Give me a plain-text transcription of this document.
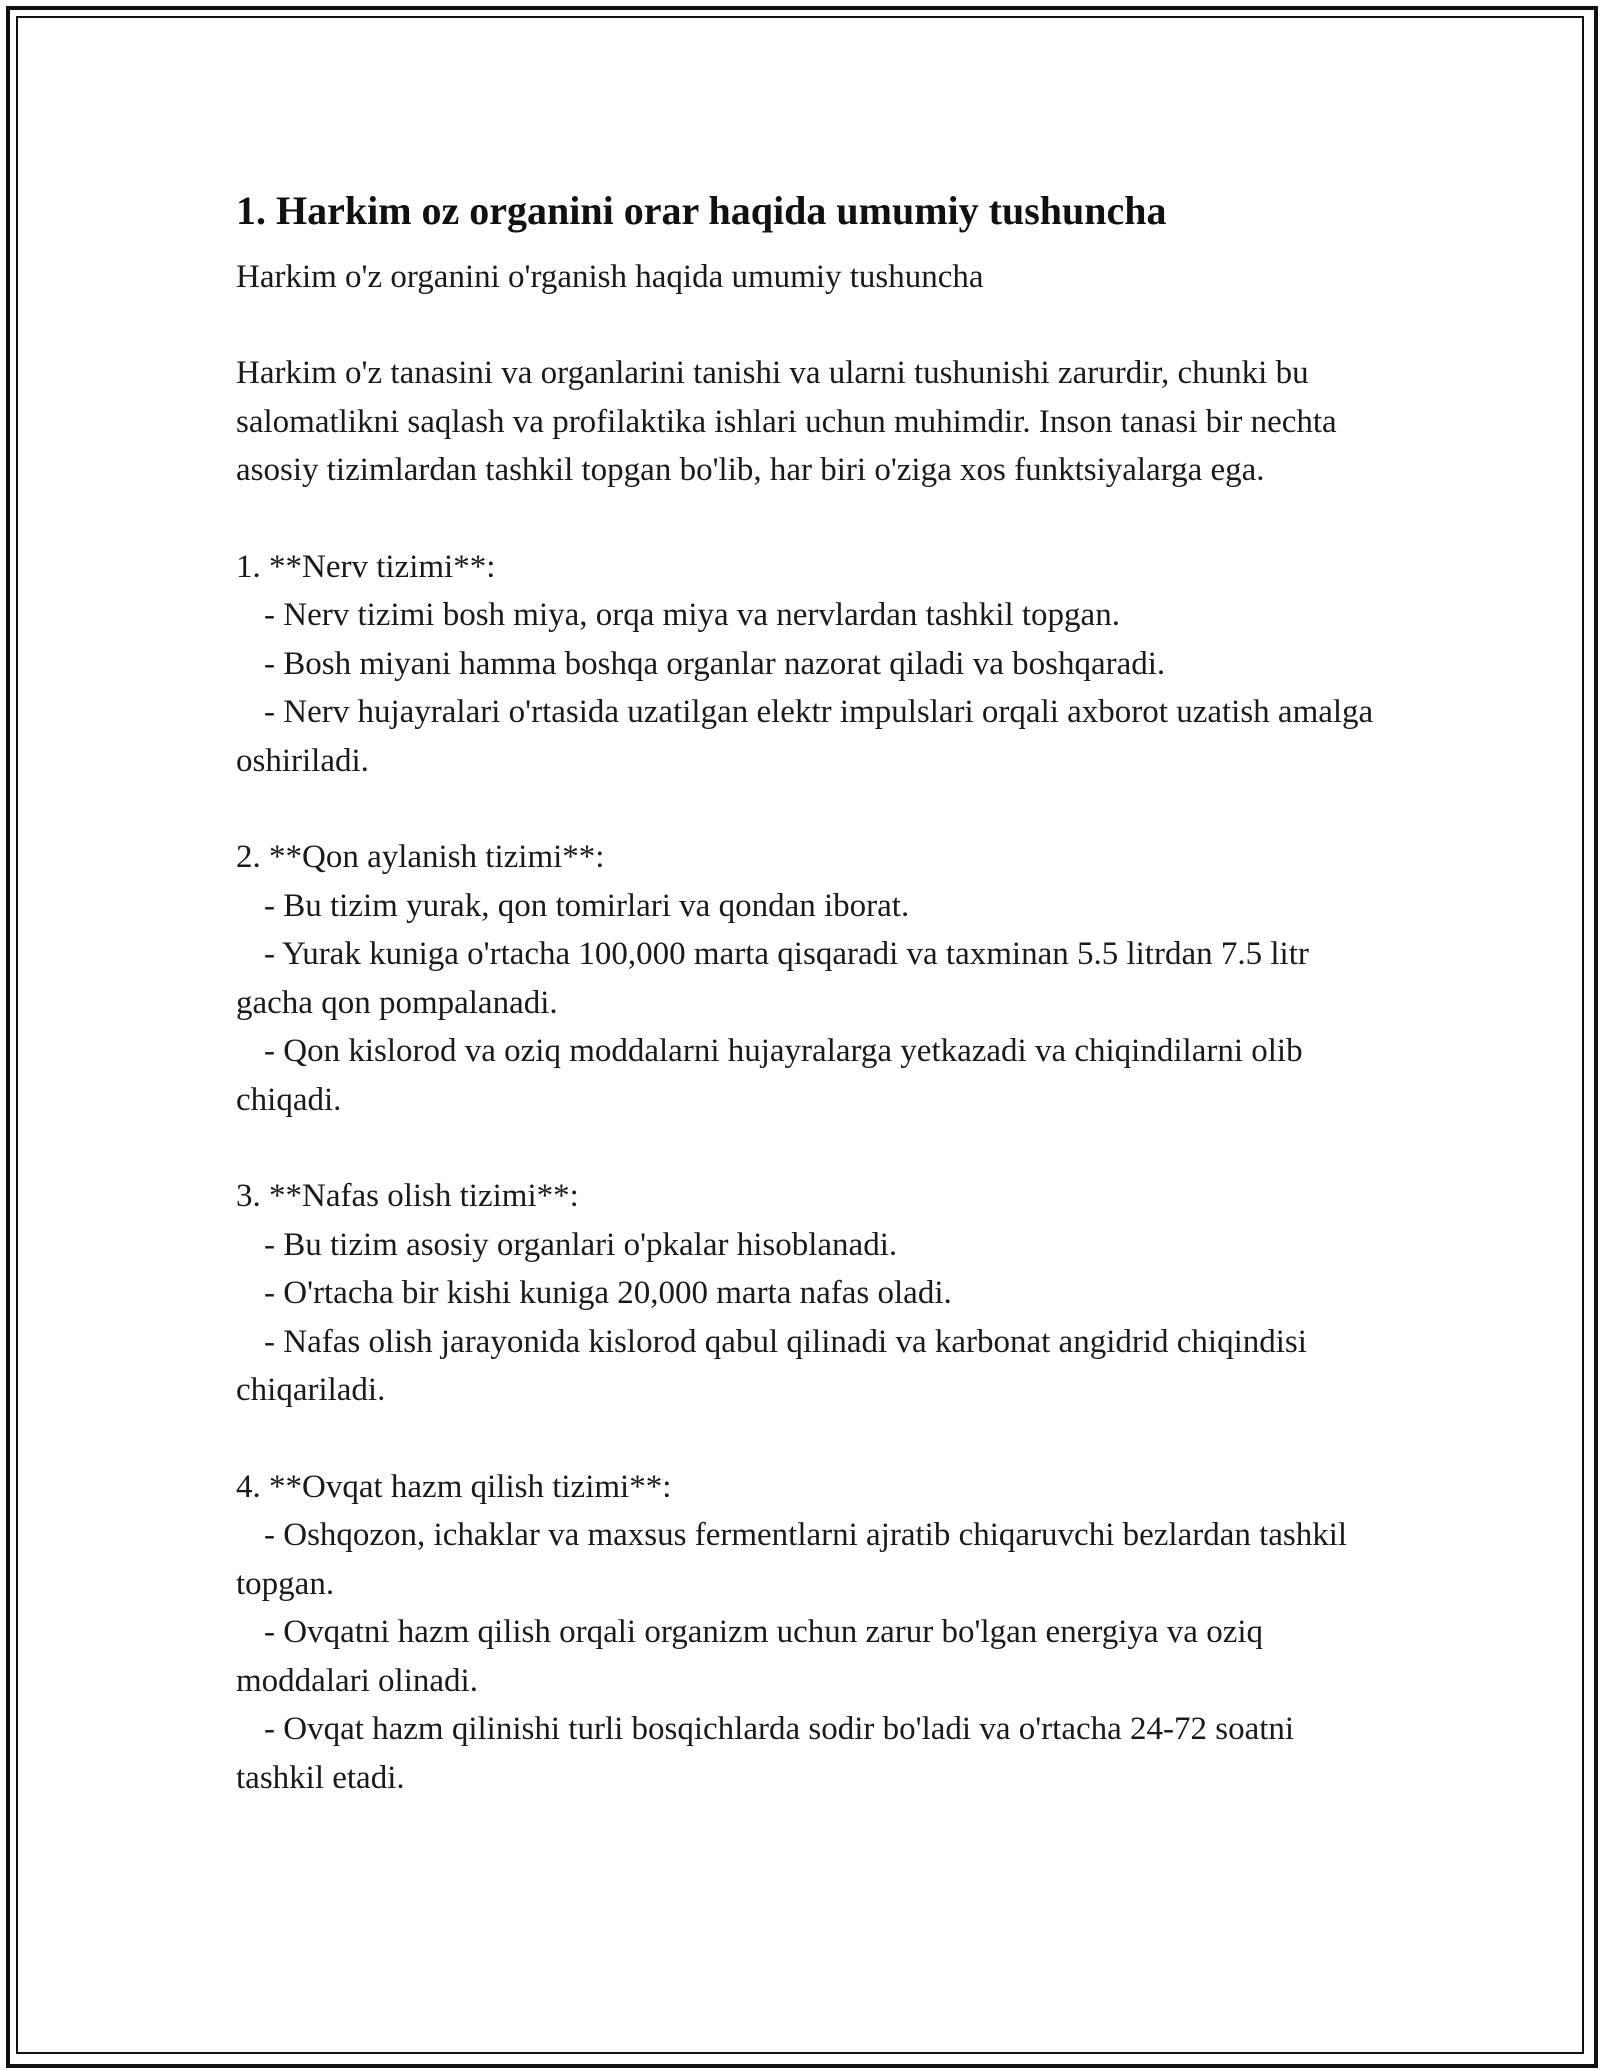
1. Harkim oz organini orar haqida umumiy tushuncha

Harkim o'z organini o'rganish haqida umumiy tushuncha

Harkim o'z tanasini va organlarini tanishi va ularni tushunishi zarurdir, chunki bu salomatlikni saqlash va profilaktika ishlari uchun muhimdir. Inson tanasi bir nechta asosiy tizimlardan tashkil topgan bo'lib, har biri o'ziga xos funktsiyalarga ega.

1. **Nerv tizimi**:

- Nerv tizimi bosh miya, orqa miya va nervlardan tashkil topgan.

- Bosh miyani hamma boshqa organlar nazorat qiladi va boshqaradi.

- Nerv hujayralari o'rtasida uzatilgan elektr impulslari orqali axborot uzatish amalga oshiriladi.

2. **Qon aylanish tizimi**:

- Bu tizim yurak, qon tomirlari va qondan iborat.

- Yurak kuniga o'rtacha 100,000 marta qisqaradi va taxminan 5.5 litrdan 7.5 litr gacha qon pompalanadi.

- Qon kislorod va oziq moddalarni hujayralarga yetkazadi va chiqindilarni olib chiqadi.

3. **Nafas olish tizimi**:

- Bu tizim asosiy organlari o'pkalar hisoblanadi.

- O'rtacha bir kishi kuniga 20,000 marta nafas oladi.

- Nafas olish jarayonida kislorod qabul qilinadi va karbonat angidrid chiqindisi chiqariladi.

4. **Ovqat hazm qilish tizimi**:

- Oshqozon, ichaklar va maxsus fermentlarni ajratib chiqaruvchi bezlardan tashkil topgan.

- Ovqatni hazm qilish orqali organizm uchun zarur bo'lgan energiya va oziq moddalari olinadi.

- Ovqat hazm qilinishi turli bosqichlarda sodir bo'ladi va o'rtacha 24-72 soatni tashkil etadi.
